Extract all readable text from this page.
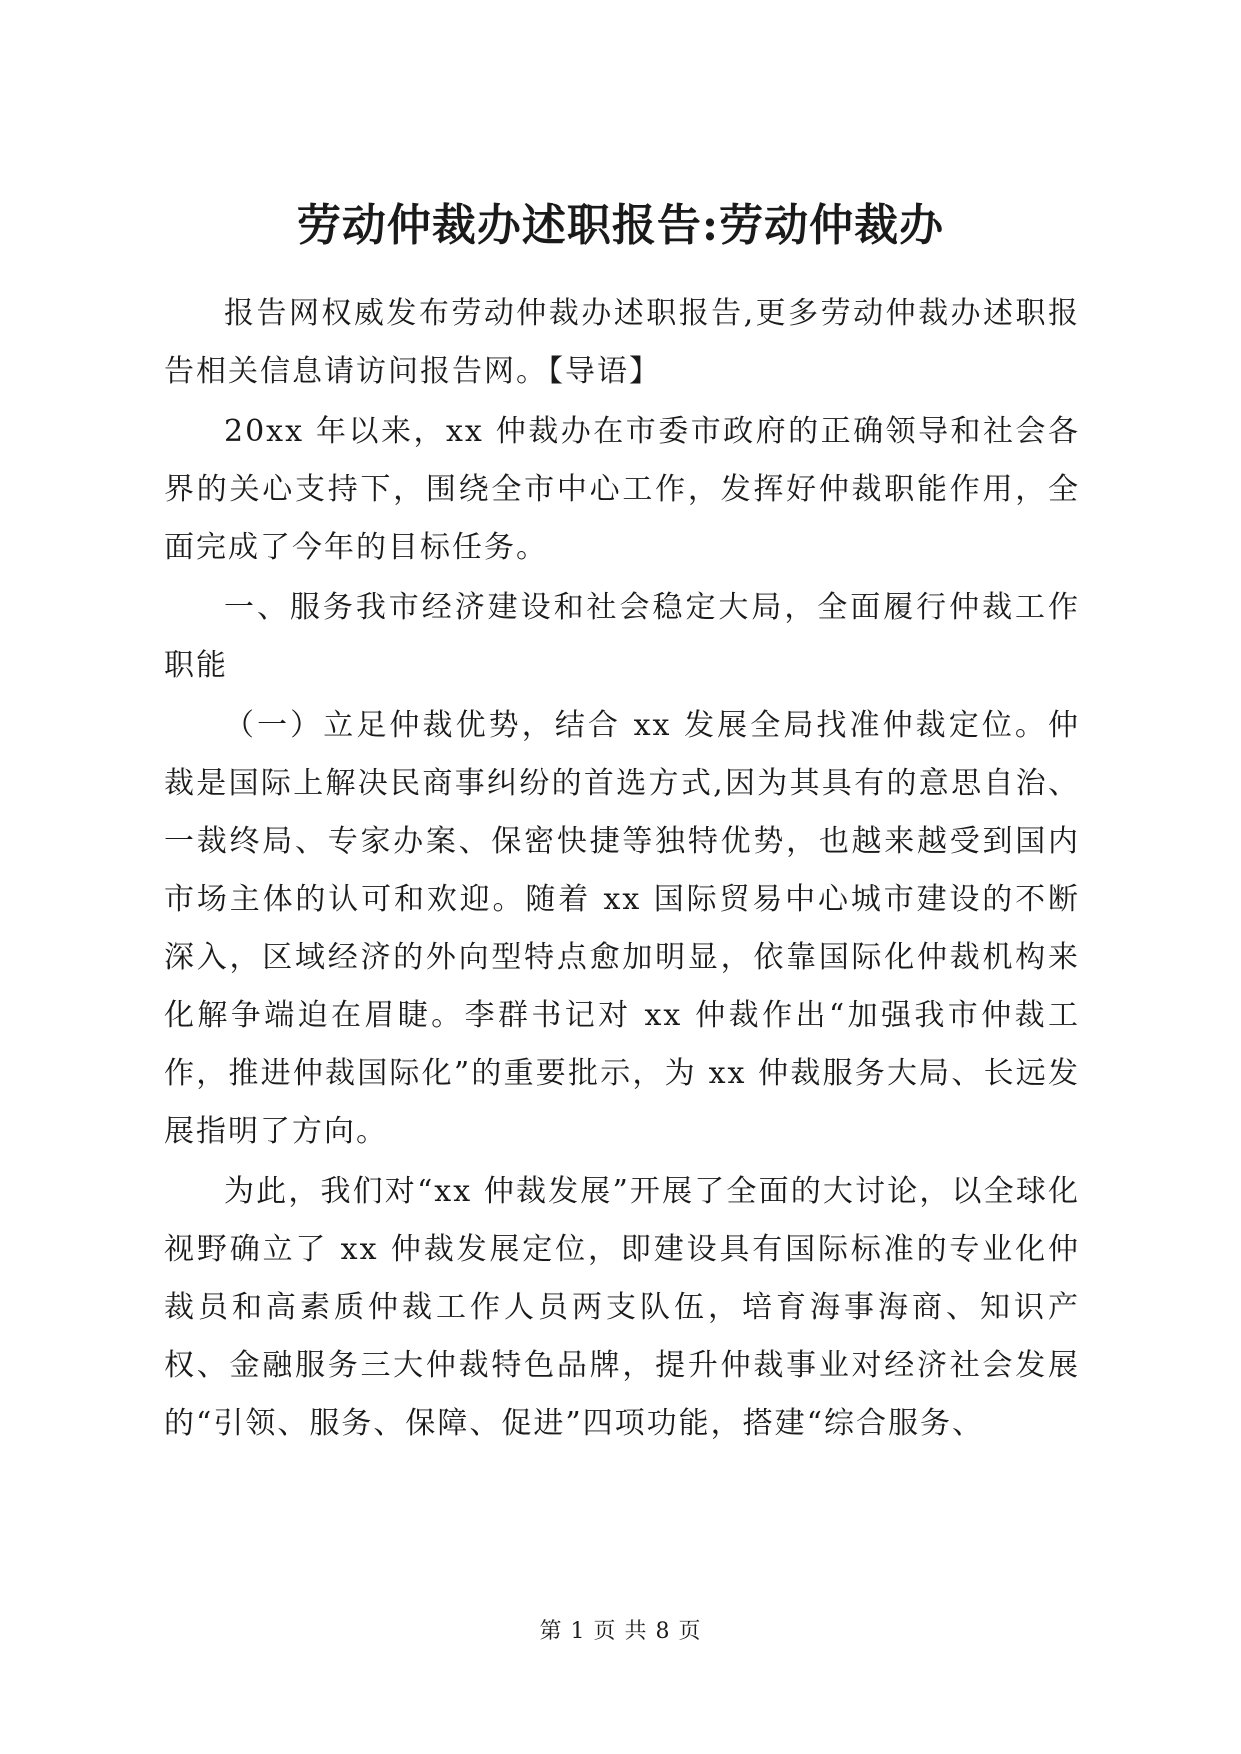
劳动仲裁办述职报告:劳动仲裁办

报告网权威发布劳动仲裁办述职报告,更多劳动仲裁办述职报告相关信息请访问报告网。【导语】

20xx 年以来，xx 仲裁办在市委市政府的正确领导和社会各界的关心支持下，围绕全市中心工作，发挥好仲裁职能作用，全面完成了今年的目标任务。

一、服务我市经济建设和社会稳定大局，全面履行仲裁工作职能

（一）立足仲裁优势，结合 xx 发展全局找准仲裁定位。仲裁是国际上解决民商事纠纷的首选方式,因为其具有的意思自治、一裁终局、专家办案、保密快捷等独特优势，也越来越受到国内市场主体的认可和欢迎。随着 xx 国际贸易中心城市建设的不断深入，区域经济的外向型特点愈加明显，依靠国际化仲裁机构来化解争端迫在眉睫。李群书记对 xx 仲裁作出“加强我市仲裁工作，推进仲裁国际化”的重要批示，为 xx 仲裁服务大局、长远发展指明了方向。

为此，我们对“xx 仲裁发展”开展了全面的大讨论，以全球化视野确立了 xx 仲裁发展定位，即建设具有国际标准的专业化仲裁员和高素质仲裁工作人员两支队伍，培育海事海商、知识产权、金融服务三大仲裁特色品牌，提升仲裁事业对经济社会发展的“引领、服务、保障、促进”四项功能，搭建“综合服务、

第 1 页 共 8 页
